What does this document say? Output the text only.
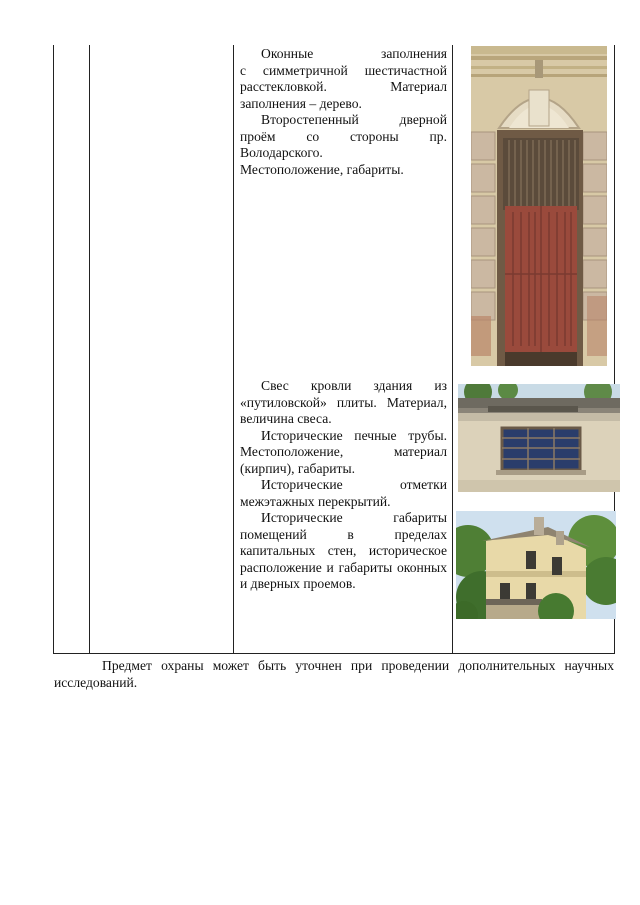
Оконные заполнения

с симметричной шестичастной расстекловкой. Материал заполнения – дерево.

Второстепенный дверной проём со стороны пр. Володарского.

Местоположение, габариты.

Свес кровли здания из «путиловской» плиты. Материал, величина свеса.

Исторические печные трубы. Местоположение, материал (кирпич), габариты.

Исторические отметки межэтажных перекрытий.

Исторические габариты помещений в пределах капитальных стен, историческое расположение и габариты оконных и дверных проемов.

Предмет охраны может быть уточнен при проведении дополнительных научных исследований.
